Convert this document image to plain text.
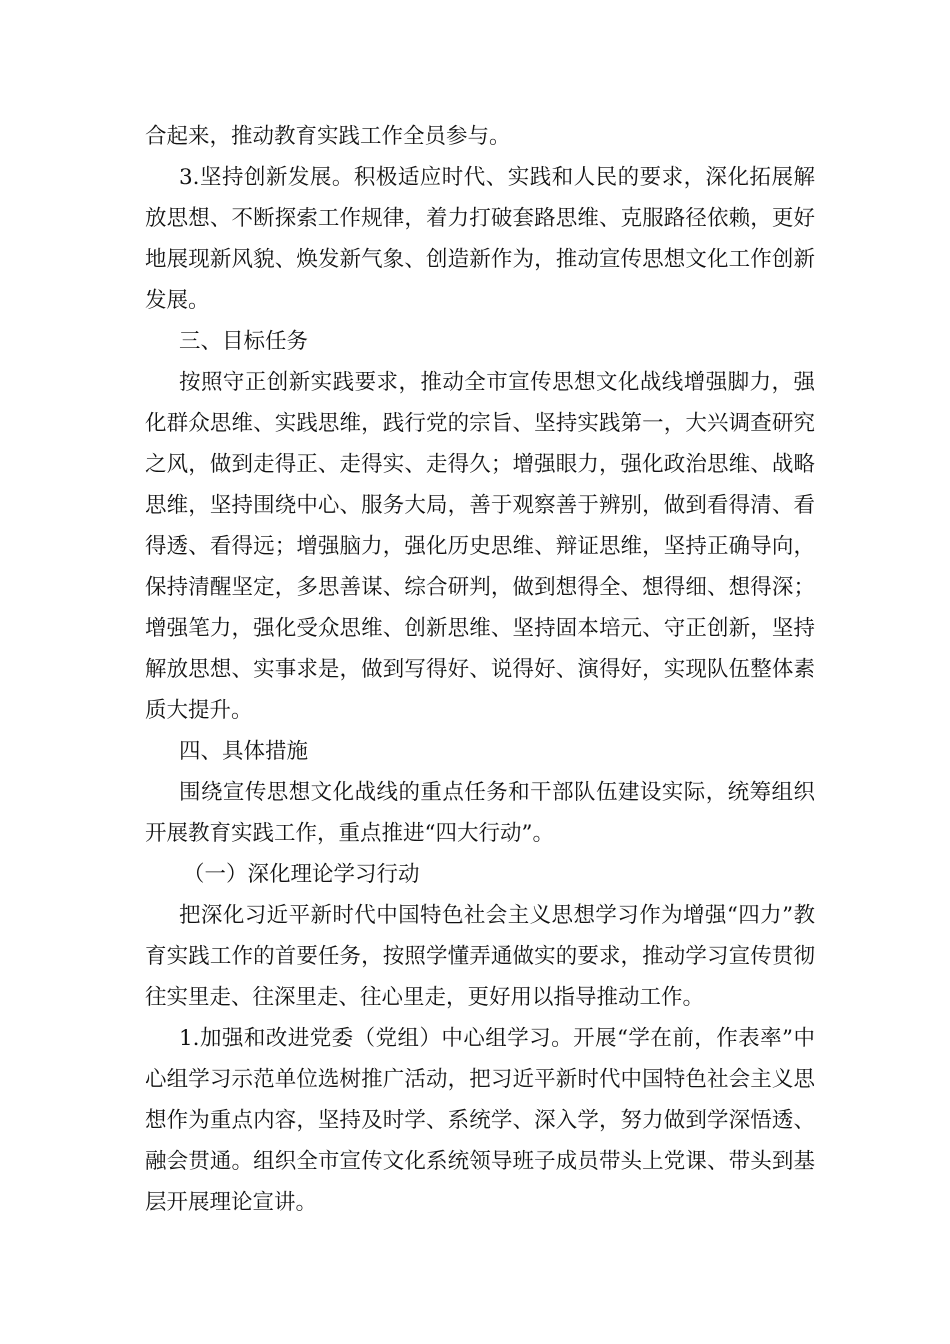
合起来，推动教育实践工作全员参与。

3.坚持创新发展。积极适应时代、实践和人民的要求，深化拓展解放思想、不断探索工作规律，着力打破套路思维、克服路径依赖，更好地展现新风貌、焕发新气象、创造新作为，推动宣传思想文化工作创新发展。

三、目标任务

按照守正创新实践要求，推动全市宣传思想文化战线增强脚力，强化群众思维、实践思维，践行党的宗旨、坚持实践第一，大兴调查研究之风，做到走得正、走得实、走得久；增强眼力，强化政治思维、战略思维，坚持围绕中心、服务大局，善于观察善于辨别，做到看得清、看得透、看得远；增强脑力，强化历史思维、辩证思维，坚持正确导向，保持清醒坚定，多思善谋、综合研判，做到想得全、想得细、想得深；增强笔力，强化受众思维、创新思维、坚持固本培元、守正创新，坚持解放思想、实事求是，做到写得好、说得好、演得好，实现队伍整体素质大提升。

四、具体措施

围绕宣传思想文化战线的重点任务和干部队伍建设实际，统筹组织开展教育实践工作，重点推进“四大行动”。

（一）深化理论学习行动

把深化习近平新时代中国特色社会主义思想学习作为增强“四力”教育实践工作的首要任务，按照学懂弄通做实的要求，推动学习宣传贯彻往实里走、往深里走、往心里走，更好用以指导推动工作。

1.加强和改进党委（党组）中心组学习。开展“学在前，作表率”中心组学习示范单位选树推广活动，把习近平新时代中国特色社会主义思想作为重点内容，坚持及时学、系统学、深入学，努力做到学深悟透、融会贯通。组织全市宣传文化系统领导班子成员带头上党课、带头到基层开展理论宣讲。
